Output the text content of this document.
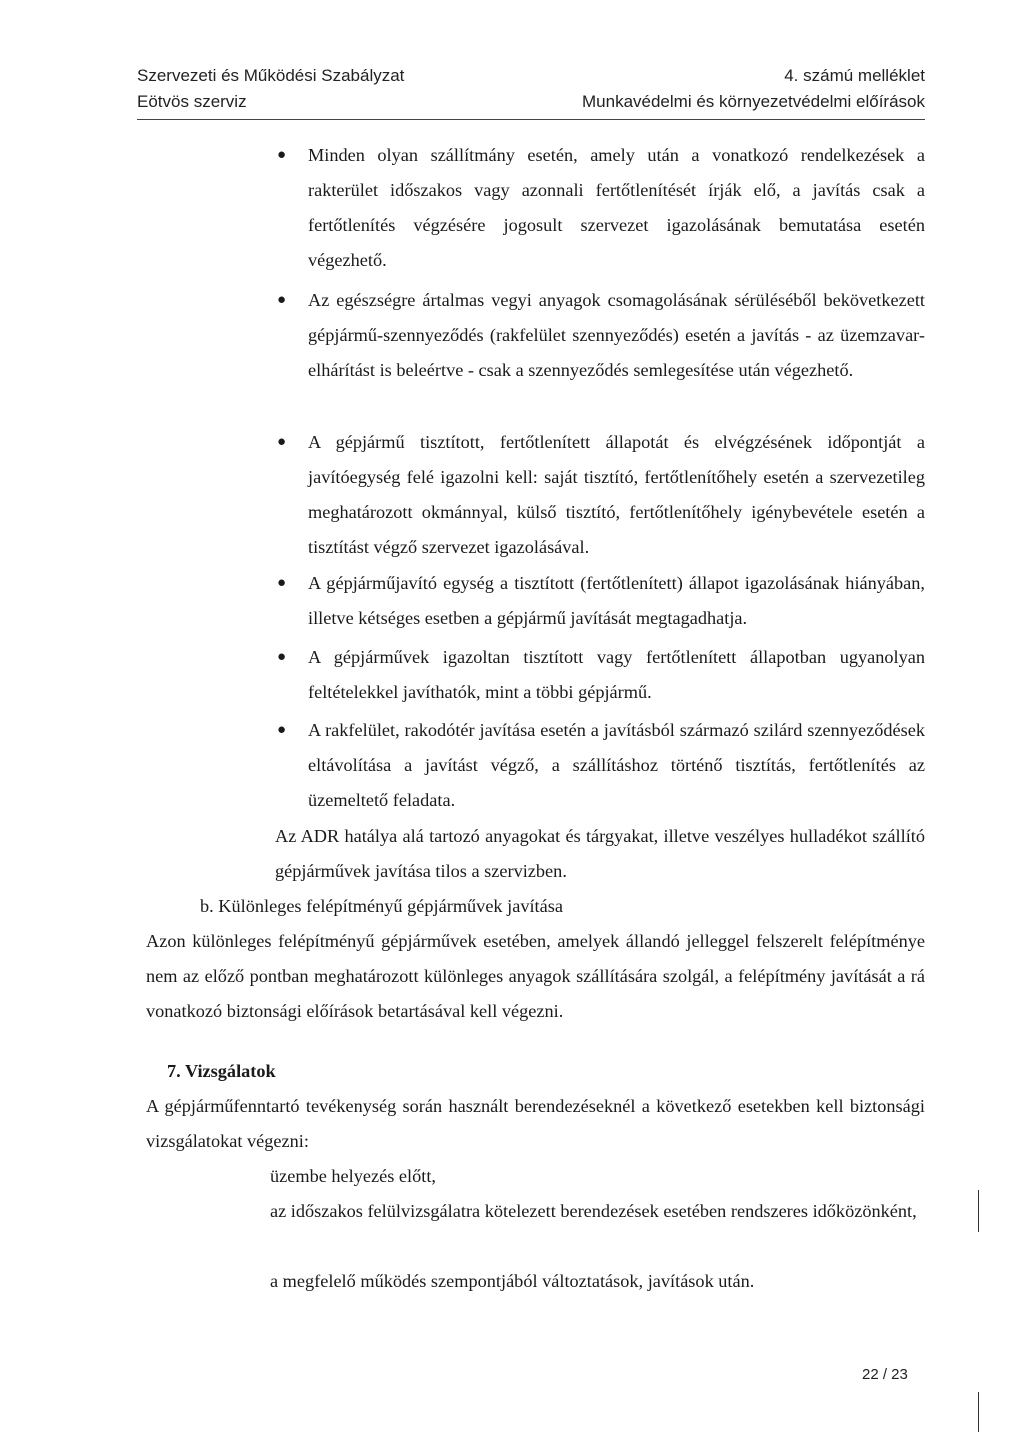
Szervezeti és Működési Szabályzat
Eötvös szerviz
4. számú melléklet
Munkavédelmi és környezetvédelmi előírások
● Minden olyan szállítmány esetén, amely után a vonatkozó rendelkezések a rakterület időszakos vagy azonnali fertőtlenítését írják elő, a javítás csak a fertőtlenítés végzésére jogosult szervezet igazolásának bemutatása esetén végezhető.
● Az egészségre ártalmas vegyi anyagok csomagolásának sérüléséből bekövetkezett gépjármű-szennyeződés (rakfelület szennyeződés) esetén a javítás - az üzemzavar-elhárítást is beleértve - csak a szennyeződés semlegesítése után végezhető.
● A gépjármű tisztított, fertőtlenített állapotát és elvégzésének időpontját a javítóegység felé igazolni kell: saját tisztító, fertőtlenítőhely esetén a szervezetileg meghatározott okmánnyal, külső tisztító, fertőtlenítőhely igénybevétele esetén a tisztítást végző szervezet igazolásával.
● A gépjárműjavító egység a tisztított (fertőtlenített) állapot igazolásának hiányában, illetve kétséges esetben a gépjármű javítását megtagadhatja.
● A gépjárművek igazoltan tisztított vagy fertőtlenített állapotban ugyanolyan feltételekkel javíthatók, mint a többi gépjármű.
● A rakfelület, rakodótér javítása esetén a javításból származó szilárd szennyeződések eltávolítása a javítást végző, a szállításhoz történő tisztítás, fertőtlenítés az üzemeltető feladata.
Az ADR hatálya alá tartozó anyagokat és tárgyakat, illetve veszélyes hulladékot szállító gépjárművek javítása tilos a szervizben.
b. Különleges felépítményű gépjárművek javítása
Azon különleges felépítményű gépjárművek esetében, amelyek állandó jelleggel felszerelt felépítménye nem az előző pontban meghatározott különleges anyagok szállítására szolgál, a felépítmény javítását a rá vonatkozó biztonsági előírások betartásával kell végezni.
7. Vizsgálatok
A gépjárműfenntartó tevékenység során használt berendezéseknél a következő esetekben kell biztonsági vizsgálatokat végezni:
üzembe helyezés előtt,
az időszakos felülvizsgálatra kötelezett berendezések esetében rendszeres időközönként,
a megfelelő működés szempontjából változtatások, javítások után.
22 / 23
